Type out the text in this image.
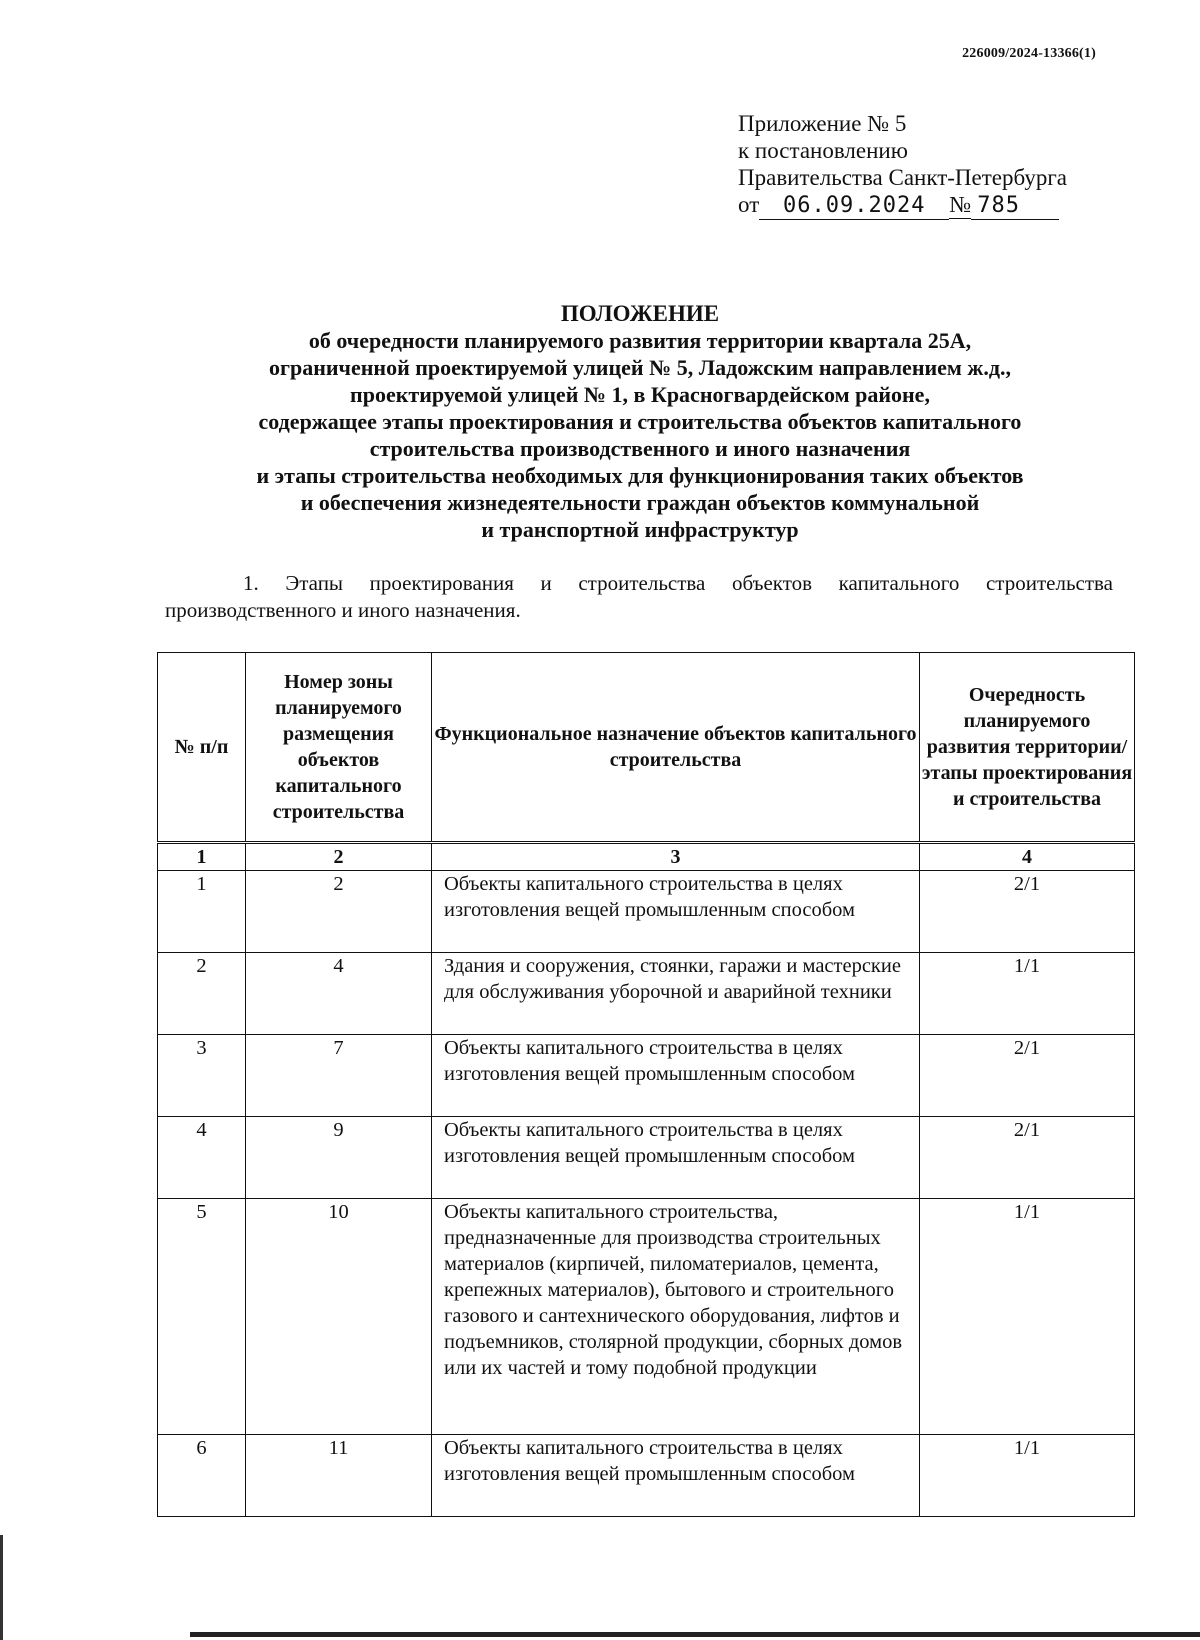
226009/2024-13366(1)
Приложение № 5
к постановлению
Правительства Санкт-Петербурга
от 06.09.2024 № 785
ПОЛОЖЕНИЕ
об очередности планируемого развития территории квартала 25А,
ограниченной проектируемой улицей № 5, Ладожским направлением ж.д.,
проектируемой улицей № 1, в Красногвардейском районе,
содержащее этапы проектирования и строительства объектов капитального
строительства производственного и иного назначения
и этапы строительства необходимых для функционирования таких объектов
и обеспечения жизнедеятельности граждан объектов коммунальной
и транспортной инфраструктур
1. Этапы проектирования и строительства объектов капитального строительства производственного и иного назначения.
№ п/п	Номер зоны планируемого размещения объектов капитального строительства	Функциональное назначение объектов капитального строительства	Очередность планируемого развития территории/ этапы проектирования и строительства
1	2	3	4
1	2	Объекты капитального строительства в целях изготовления вещей промышленным способом	2/1
2	4	Здания и сооружения, стоянки, гаражи и мастерские для обслуживания уборочной и аварийной техники	1/1
3	7	Объекты капитального строительства в целях изготовления вещей промышленным способом	2/1
4	9	Объекты капитального строительства в целях изготовления вещей промышленным способом	2/1
5	10	Объекты капитального строительства, предназначенные для производства строительных материалов (кирпичей, пиломатериалов, цемента, крепежных материалов), бытового и строительного газового и сантехнического оборудования, лифтов и подъемников, столярной продукции, сборных домов или их частей и тому подобной продукции	1/1
6	11	Объекты капитального строительства в целях изготовления вещей промышленным способом	1/1
